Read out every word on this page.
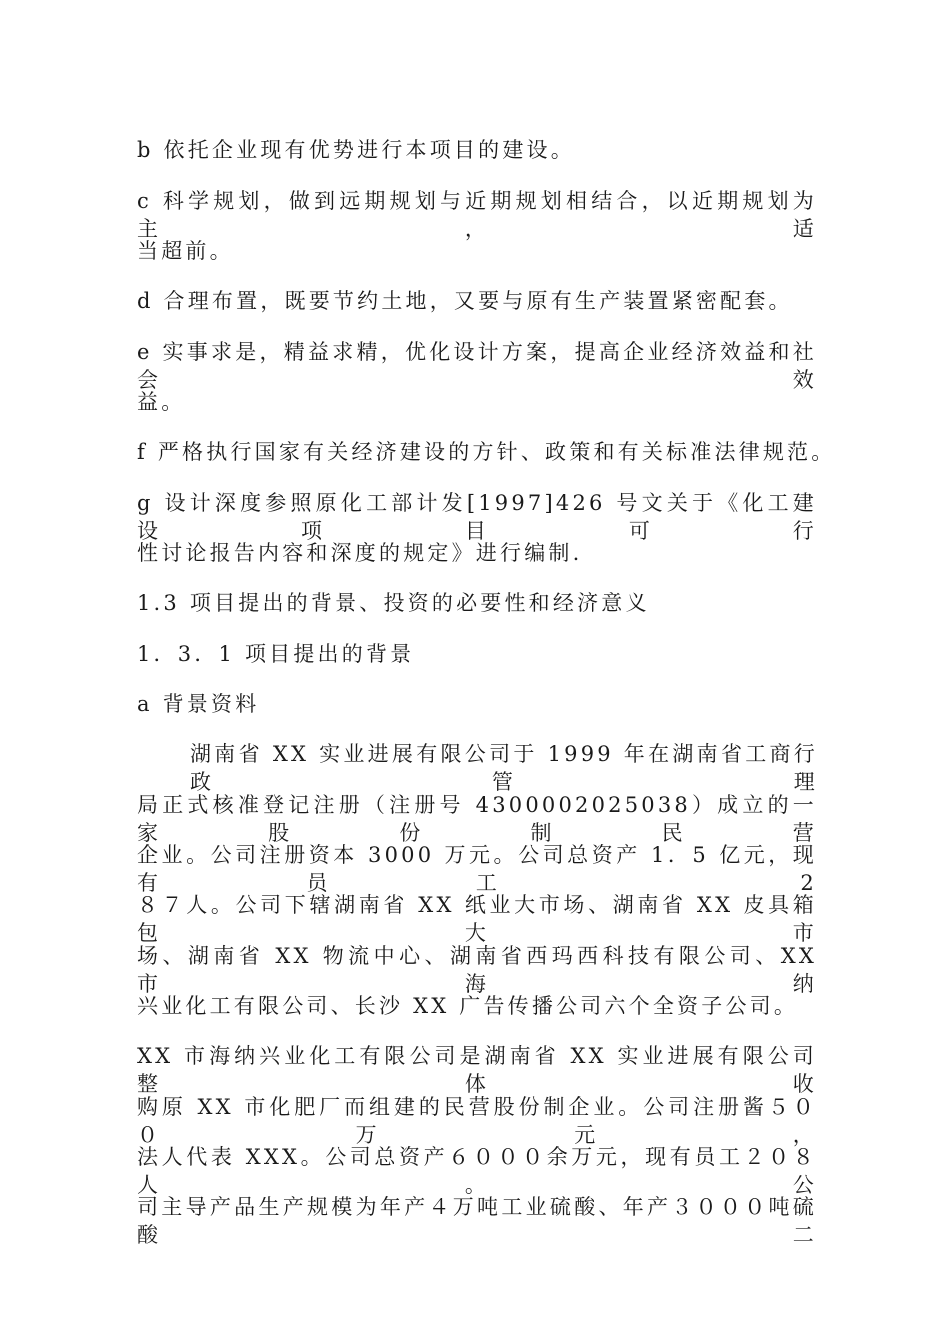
b 依托企业现有优势进行本项目的建设。
c 科学规划，做到远期规划与近期规划相结合，以近期规划为主，适
当超前。
d 合理布置，既要节约土地，又要与原有生产装置紧密配套。
e 实事求是，精益求精，优化设计方案，提高企业经济效益和社会效
益。
f 严格执行国家有关经济建设的方针、政策和有关标准法律规范。
g 设计深度参照原化工部计发[1997]426 号文关于《化工建设项目可行
性讨论报告内容和深度的规定》进行编制.
1.3 项目提出的背景、投资的必要性和经济意义
1．3．1 项目提出的背景
a 背景资料
湖南省 XX 实业进展有限公司于 1999 年在湖南省工商行政管理
局正式核准登记注册（注册号 4300002025038）成立的一家股份制民营
企业。公司注册资本 3000 万元。公司总资产 1．5 亿元，现有员工 2
８７人。公司下辖湖南省 XX 纸业大市场、湖南省 XX 皮具箱包大市
场、湖南省 XX 物流中心、湖南省西玛西科技有限公司、XX 市海纳
兴业化工有限公司、长沙 XX 广告传播公司六个全资子公司。
XX 市海纳兴业化工有限公司是湖南省 XX 实业进展有限公司整体收
购原 XX 市化肥厂而组建的民营股份制企业。公司注册酱５００万元，
法人代表 XXX。公司总资产６０００余万元，现有员工２０８人。公
司主导产品生产规模为年产４万吨工业硫酸、年产３０００吨硫酸二
